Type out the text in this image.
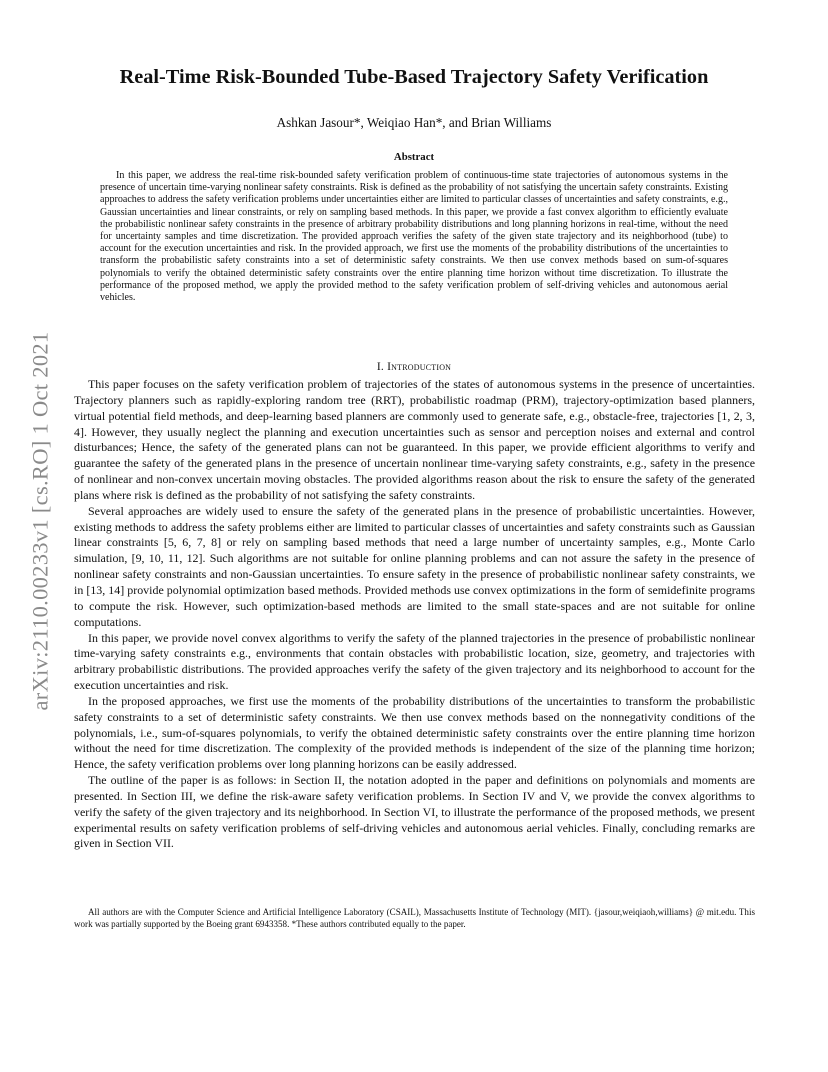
arXiv:2110.00233v1 [cs.RO] 1 Oct 2021
Real-Time Risk-Bounded Tube-Based Trajectory Safety Verification
Ashkan Jasour*, Weiqiao Han*, and Brian Williams
Abstract

In this paper, we address the real-time risk-bounded safety verification problem of continuous-time state trajectories of autonomous systems in the presence of uncertain time-varying nonlinear safety constraints. Risk is defined as the probability of not satisfying the uncertain safety constraints. Existing approaches to address the safety verification problems under uncertainties either are limited to particular classes of uncertainties and safety constraints, e.g., Gaussian uncertainties and linear constraints, or rely on sampling based methods. In this paper, we provide a fast convex algorithm to efficiently evaluate the probabilistic nonlinear safety constraints in the presence of arbitrary probability distributions and long planning horizons in real-time, without the need for uncertainty samples and time discretization. The provided approach verifies the safety of the given state trajectory and its neighborhood (tube) to account for the execution uncertainties and risk. In the provided approach, we first use the moments of the probability distributions of the uncertainties to transform the probabilistic safety constraints into a set of deterministic safety constraints. We then use convex methods based on sum-of-squares polynomials to verify the obtained deterministic safety constraints over the entire planning time horizon without time discretization. To illustrate the performance of the proposed method, we apply the provided method to the safety verification problem of self-driving vehicles and autonomous aerial vehicles.

I. Introduction

This paper focuses on the safety verification problem of trajectories of the states of autonomous systems in the presence of uncertainties. Trajectory planners such as rapidly-exploring random tree (RRT), probabilistic roadmap (PRM), trajectory-optimization based planners, virtual potential field methods, and deep-learning based planners are commonly used to generate safe, e.g., obstacle-free, trajectories [1, 2, 3, 4]. However, they usually neglect the planning and execution uncertainties such as sensor and perception noises and external and control disturbances; Hence, the safety of the generated plans can not be guaranteed. In this paper, we provide efficient algorithms to verify and guarantee the safety of the generated plans in the presence of uncertain nonlinear time-varying safety constraints, e.g., safety in the presence of nonlinear and non-convex uncertain moving obstacles. The provided algorithms reason about the risk to ensure the safety of the generated plans where risk is defined as the probability of not satisfying the safety constraints.

Several approaches are widely used to ensure the safety of the generated plans in the presence of probabilistic uncertainties. However, existing methods to address the safety problems either are limited to particular classes of uncertainties and safety constraints such as Gaussian linear constraints [5, 6, 7, 8] or rely on sampling based methods that need a large number of uncertainty samples, e.g., Monte Carlo simulation, [9, 10, 11, 12]. Such algorithms are not suitable for online planning problems and can not assure the safety in the presence of nonlinear safety constraints and non-Gaussian uncertainties. To ensure safety in the presence of probabilistic nonlinear safety constraints, we in [13, 14] provide polynomial optimization based methods. Provided methods use convex optimizations in the form of semidefinite programs to compute the risk. However, such optimization-based methods are limited to the small state-spaces and are not suitable for online computations.

In this paper, we provide novel convex algorithms to verify the safety of the planned trajectories in the presence of probabilistic nonlinear time-varying safety constraints e.g., environments that contain obstacles with probabilistic location, size, geometry, and trajectories with arbitrary probabilistic distributions. The provided approaches verify the safety of the given trajectory and its neighborhood to account for the execution uncertainties and risk.

In the proposed approaches, we first use the moments of the probability distributions of the uncertainties to transform the probabilistic safety constraints to a set of deterministic safety constraints. We then use convex methods based on the nonnegativity conditions of the polynomials, i.e., sum-of-squares polynomials, to verify the obtained deterministic safety constraints over the entire planning time horizon without the need for time discretization. The complexity of the provided methods is independent of the size of the planning time horizon; Hence, the safety verification problems over long planning horizons can be easily addressed.

The outline of the paper is as follows: in Section II, the notation adopted in the paper and definitions on polynomials and moments are presented. In Section III, we define the risk-aware safety verification problems. In Section IV and V, we provide the convex algorithms to verify the safety of the given trajectory and its neighborhood. In Section VI, to illustrate the performance of the proposed methods, we present experimental results on safety verification problems of self-driving vehicles and autonomous aerial vehicles. Finally, concluding remarks are given in Section VII.

All authors are with the Computer Science and Artificial Intelligence Laboratory (CSAIL), Massachusetts Institute of Technology (MIT). {jasour,weiqiaoh,williams} @ mit.edu. This work was partially supported by the Boeing grant 6943358. *These authors contributed equally to the paper.
